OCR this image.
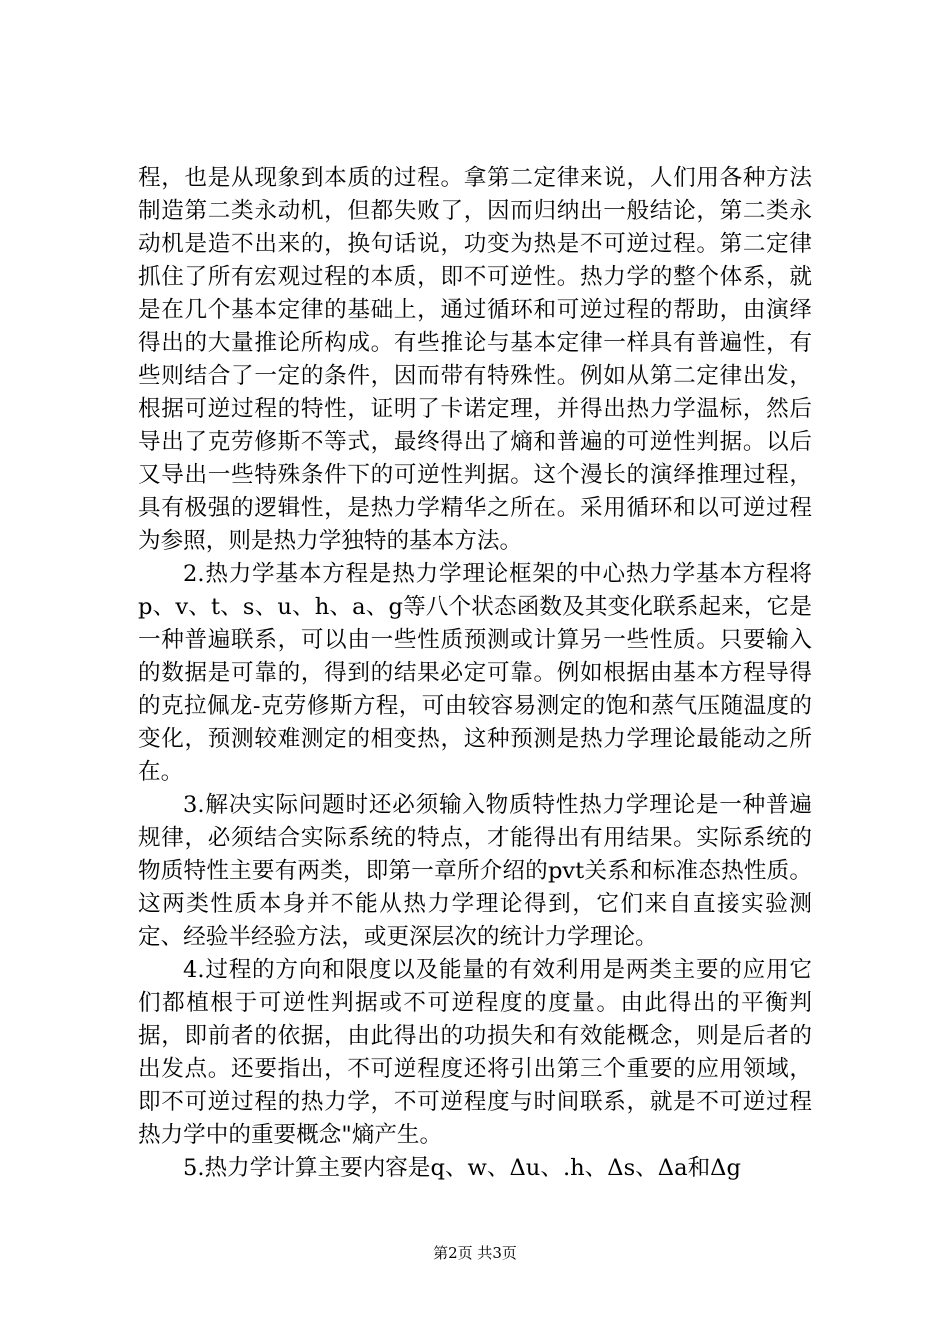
程，也是从现象到本质的过程。拿第二定律来说，人们用各种方法制造第二类永动机，但都失败了，因而归纳出一般结论，第二类永动机是造不出来的，换句话说，功变为热是不可逆过程。第二定律抓住了所有宏观过程的本质，即不可逆性。热力学的整个体系，就是在几个基本定律的基础上，通过循环和可逆过程的帮助，由演绎得出的大量推论所构成。有些推论与基本定律一样具有普遍性，有些则结合了一定的条件，因而带有特殊性。例如从第二定律出发，根据可逆过程的特性，证明了卡诺定理，并得出热力学温标，然后导出了克劳修斯不等式，最终得出了熵和普遍的可逆性判据。以后又导出一些特殊条件下的可逆性判据。这个漫长的演绎推理过程，具有极强的逻辑性，是热力学精华之所在。采用循环和以可逆过程为参照，则是热力学独特的基本方法。

2.热力学基本方程是热力学理论框架的中心热力学基本方程将p、v、t、s、u、h、a、g等八个状态函数及其变化联系起来，它是一种普遍联系，可以由一些性质预测或计算另一些性质。只要输入的数据是可靠的，得到的结果必定可靠。例如根据由基本方程导得的克拉佩龙-克劳修斯方程，可由较容易测定的饱和蒸气压随温度的变化，预测较难测定的相变热，这种预测是热力学理论最能动之所在。

3.解决实际问题时还必须输入物质特性热力学理论是一种普遍规律，必须结合实际系统的特点，才能得出有用结果。实际系统的物质特性主要有两类，即第一章所介绍的pvt关系和标准态热性质。这两类性质本身并不能从热力学理论得到，它们来自直接实验测定、经验半经验方法，或更深层次的统计力学理论。

4.过程的方向和限度以及能量的有效利用是两类主要的应用它们都植根于可逆性判据或不可逆程度的度量。由此得出的平衡判据，即前者的依据，由此得出的功损失和有效能概念，则是后者的出发点。还要指出，不可逆程度还将引出第三个重要的应用领域，即不可逆过程的热力学，不可逆程度与时间联系，就是不可逆过程热力学中的重要概念"熵产生。

5.热力学计算主要内容是q、w、Δu、.h、Δs、Δa和Δg

第2页 共3页
